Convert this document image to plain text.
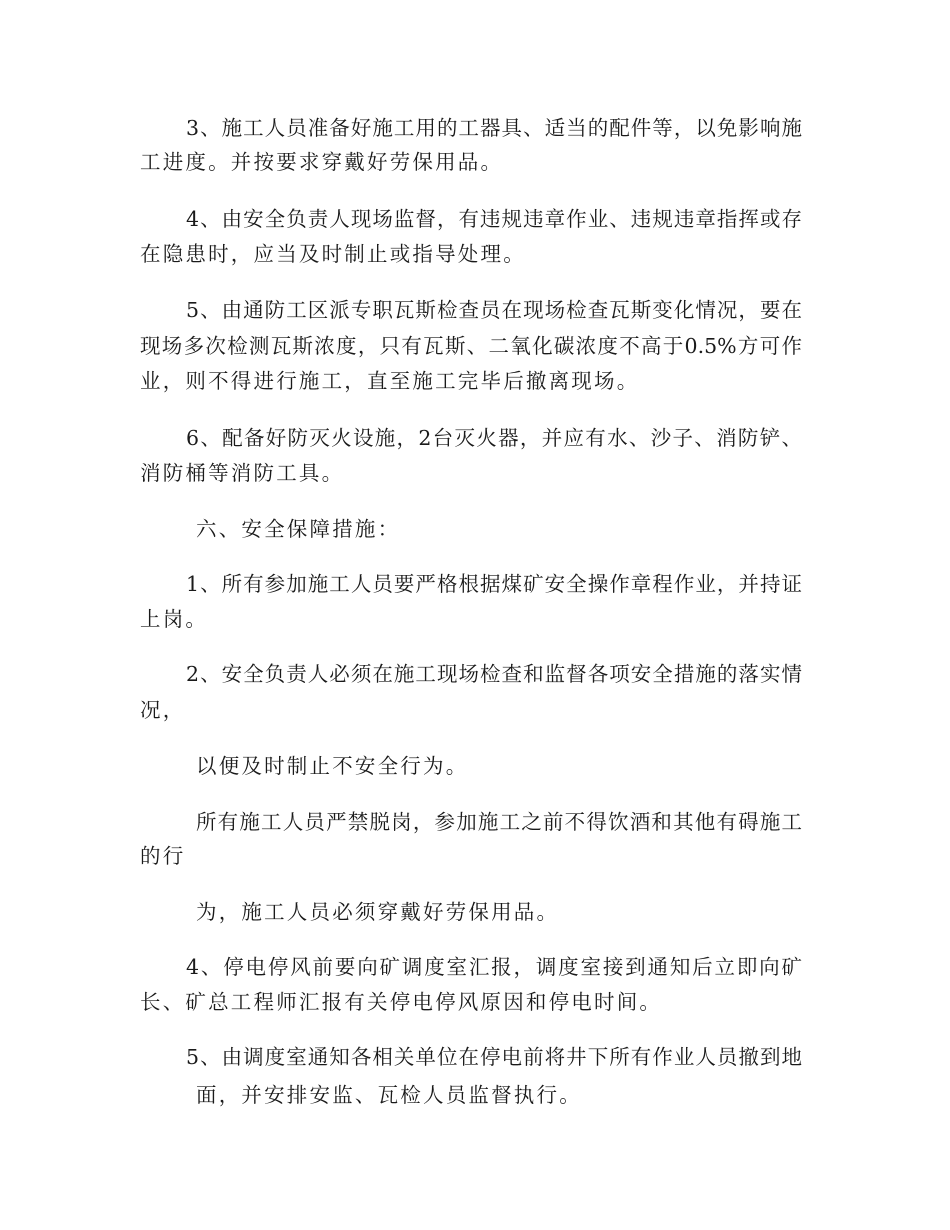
3、施工人员准备好施工用的工器具、适当的配件等，以免影响施

工进度。并按要求穿戴好劳保用品。

4、由安全负责人现场监督，有违规违章作业、违规违章指挥或存

在隐患时，应当及时制止或指导处理。

5、由通防工区派专职瓦斯检查员在现场检查瓦斯变化情况，要在

现场多次检测瓦斯浓度，只有瓦斯、二氧化碳浓度不高于0.5%方可作

业，则不得进行施工，直至施工完毕后撤离现场。

6、配备好防灭火设施，2台灭火器，并应有水、沙子、消防铲、

消防桶等消防工具。

六、安全保障措施：

1、所有参加施工人员要严格根据煤矿安全操作章程作业，并持证

上岗。

2、安全负责人必须在施工现场检查和监督各项安全措施的落实情

况，

以便及时制止不安全行为。

所有施工人员严禁脱岗，参加施工之前不得饮酒和其他有碍施工

的行

为，施工人员必须穿戴好劳保用品。

4、停电停风前要向矿调度室汇报，调度室接到通知后立即向矿

长、矿总工程师汇报有关停电停风原因和停电时间。

5、由调度室通知各相关单位在停电前将井下所有作业人员撤到地

面，并安排安监、瓦检人员监督执行。
